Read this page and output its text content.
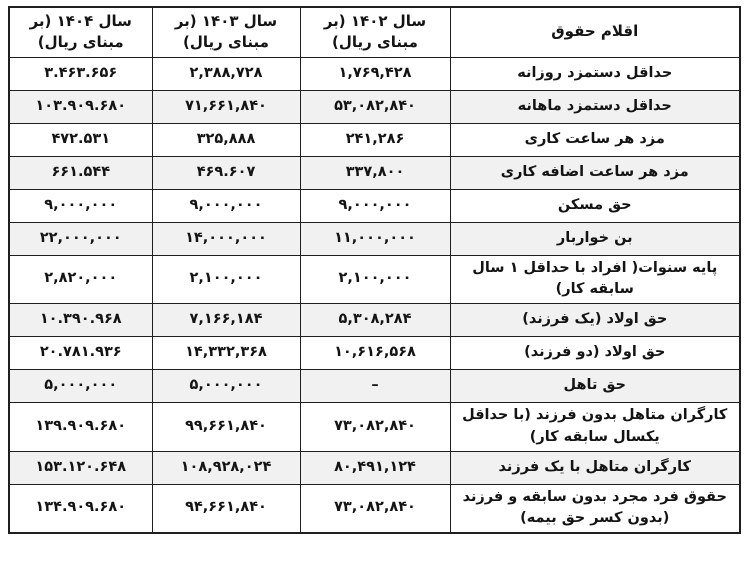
اقلام حقوق	سال ۱۴۰۲ (بر مبنای ریال)	سال ۱۴۰۳ (بر مبنای ریال)	سال ۱۴۰۴ (بر مبنای ریال)
حداقل دستمزد روزانه	۱,۷۶۹,۴۲۸	۲,۳۸۸,۷۲۸	۳.۴۶۳.۶۵۶
حداقل دستمزد ماهانه	۵۳,۰۸۲,۸۴۰	۷۱,۶۶۱,۸۴۰	۱۰۳.۹۰۹.۶۸۰
مزد هر ساعت کاری	۲۴۱,۲۸۶	۳۲۵,۸۸۸	۴۷۲.۵۳۱
مزد هر ساعت اضافه کاری	۳۳۷,۸۰۰	۴۶۹.۶۰۷	۶۶۱.۵۴۴
حق مسکن	۹,۰۰۰,۰۰۰	۹,۰۰۰,۰۰۰	۹,۰۰۰,۰۰۰
بن خواربار	۱۱,۰۰۰,۰۰۰	۱۴,۰۰۰,۰۰۰	۲۲,۰۰۰,۰۰۰
پایه سنوات( افراد با حداقل ۱ سال سابقه کار)	۲,۱۰۰,۰۰۰	۲,۱۰۰,۰۰۰	۲,۸۲۰,۰۰۰
حق اولاد (یک فرزند)	۵,۳۰۸,۲۸۴	۷,۱۶۶,۱۸۴	۱۰.۳۹۰.۹۶۸
حق اولاد (دو فرزند)	۱۰,۶۱۶,۵۶۸	۱۴,۳۳۲,۳۶۸	۲۰.۷۸۱.۹۳۶
حق تاهل	–	۵,۰۰۰,۰۰۰	۵,۰۰۰,۰۰۰
کارگران متاهل بدون فرزند (با حداقل یکسال سابقه کار)	۷۳,۰۸۲,۸۴۰	۹۹,۶۶۱,۸۴۰	۱۳۹.۹۰۹.۶۸۰
کارگران متاهل با یک فرزند	۸۰,۴۹۱,۱۲۴	۱۰۸,۹۲۸,۰۲۴	۱۵۳.۱۲۰.۶۴۸
حقوق فرد مجرد بدون سابقه و فرزند (بدون کسر حق بیمه)	۷۳,۰۸۲,۸۴۰	۹۴,۶۶۱,۸۴۰	۱۳۴.۹۰۹.۶۸۰
